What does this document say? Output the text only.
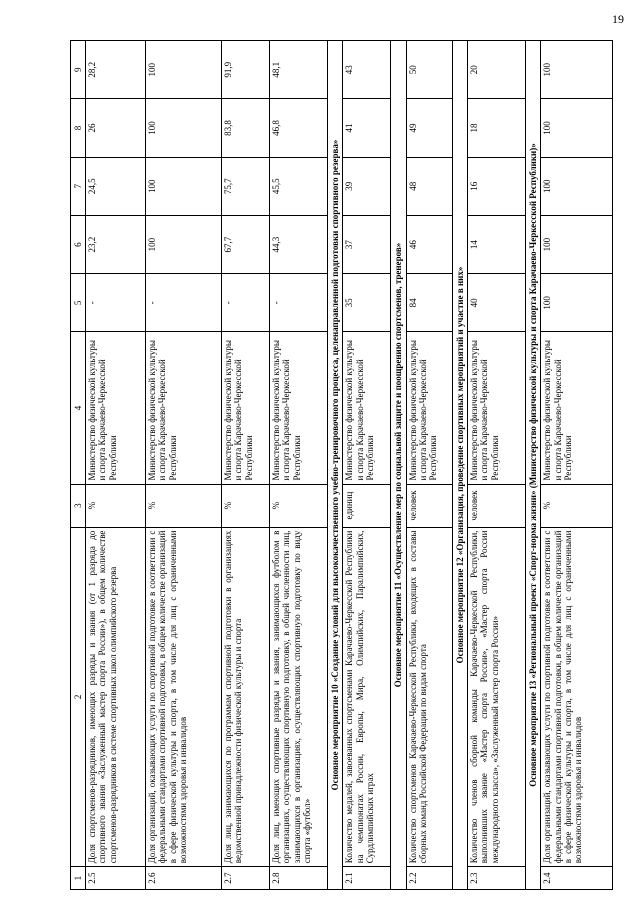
19
1	2	3	4	5	6	7	8	9
2.5	Доля спортсменов-разрядников, имеющих разряды и звания (от 1 разряда до спортивного звания «Заслуженный мастер спорта России»), в общем количестве спортсменов-разрядников в системе спортивных школ олимпийского резерва	%	Министерство физической культуры и спорта Карачаево-Черкесской Республики	-	23,2	24,5	26	28,2
2.6	Доля организаций, оказывающих услуги по спортивной подготовке в соответствии с федеральными стандартами спортивной подготовки, в общем количестве организаций в сфере физической культуры и спорта, в том числе для лиц с ограниченными возможностями здоровья и инвалидов	%	Министерство физической культуры и спорта Карачаево-Черкесской Республики	-	100	100	100	100
2.7	Доля лиц, занимающихся по программам спортивной подготовки в организациях ведомственной принадлежности физической культуры и спорта	%	Министерство физической культуры и спорта Карачаево-Черкесской Республики	-	67,7	75,7	83,8	91,9
2.8	Доля лиц, имеющих спортивные разряды и звания, занимающихся футболом в организациях, осуществляющих спортивную подготовку, в общей численности лиц, занимающихся в организациях, осуществляющих спортивную подготовку по виду спорта «футбол»	%	Министерство физической культуры и спорта Карачаево-Черкесской Республики	-	44,3	45,5	46,8	48,1
Основное мероприятие 10 «Создание условий для высококачественного учебно-тренировочного процесса, целенаправленной подготовки спортивного резерва»								
2.1	Количество медалей, завоеванных спортсменами Карачаево-Черкесской Республики на чемпионатах России, Европы, Мира, Олимпийских, Паралимпийских, Сурдлимпийских играх	единиц	Министерство физической культуры и спорта Карачаево-Черкесской Республики	35	37	39	41	43
Основное мероприятие 11 «Осуществление мер по социальной защите и поощрению спортсменов, тренеров»								
2.2	Количество спортсменов Карачаево-Черкесской Республики, входящих в составы сборных команд Российской Федерации по видам спорта	человек	Министерство физической культуры и спорта Карачаево-Черкесской Республики	84	46	48	49	50
Основное мероприятие 12 «Организация, проведение спортивных мероприятий и участие в них»								
2.3	Количество членов сборной команды Карачаево-Черкесской Республики, выполнивших звание «Мастер спорта России», «Мастер спорта России международного класса», «Заслуженный мастер спорта России»	человек	Министерство физической культуры и спорта Карачаево-Черкесской Республики	40	14	16	18	20
Основное мероприятие 13 «Региональный проект «Спорт-норма жизни» (Министерство физической культуры и спорта Карачаево-Черкесской Республики)»								
2.4	Доля организаций, оказывающих услуги по спортивной подготовке в соответствии с федеральными стандартами спортивной подготовки, в общем количестве организаций в сфере физической культуры и спорта, в том числе для лиц с ограниченными возможностями здоровья и инвалидов	%	Министерство физической культуры и спорта Карачаево-Черкесской Республики	100	100	100	100	100
